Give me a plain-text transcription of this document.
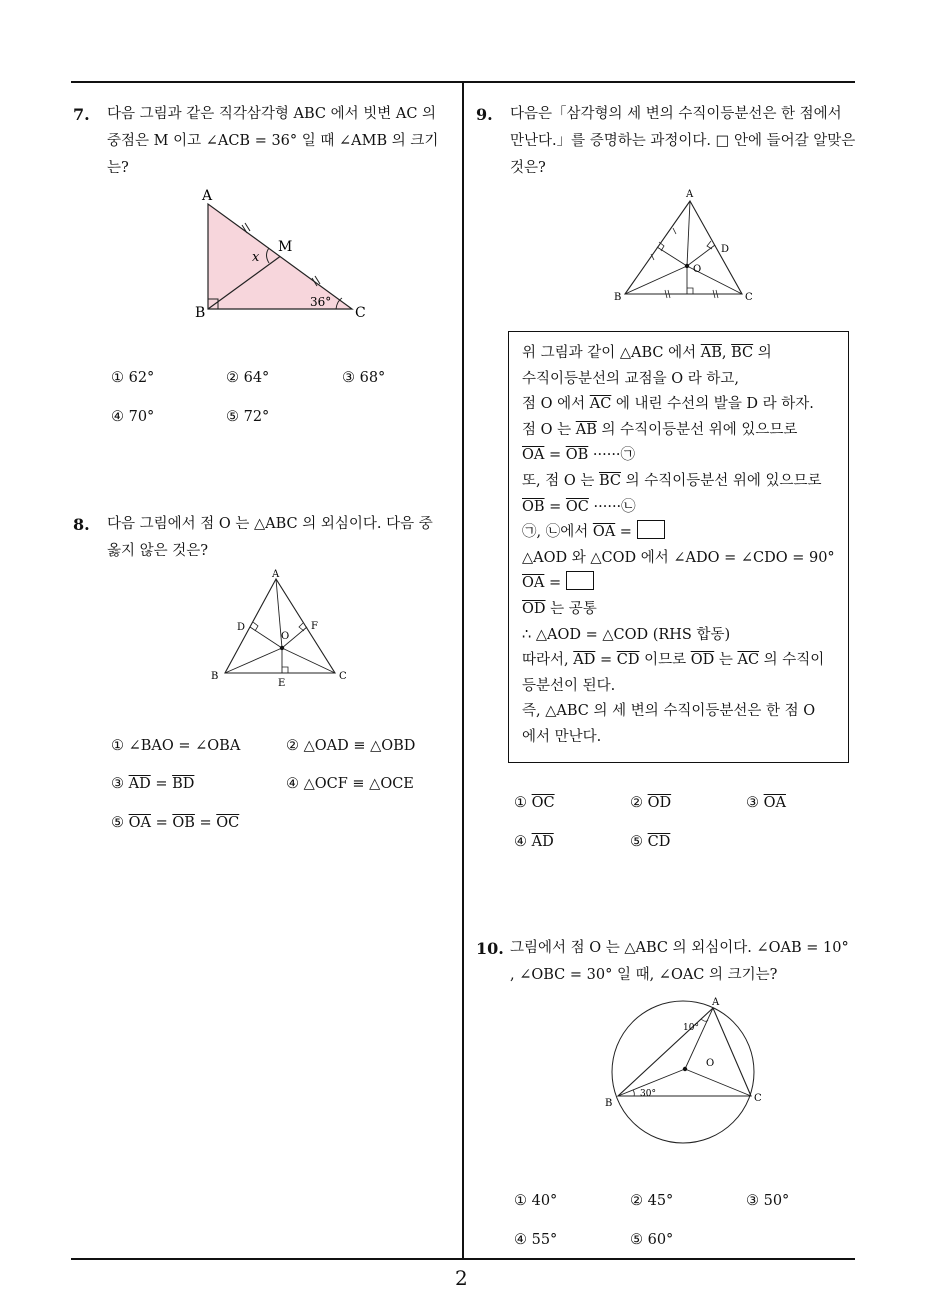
2
7. 다음 그림과 같은 직각삼각형 ABC 에서 빗변 AC 의

중점은 M 이고 ∠ACB = 36° 일 때 ∠AMB 의 크기

는?

A
B	C
M
x
36°
① 62°	② 64°	③ 68°
④ 70°	⑤ 72°
8. 다음 그림에서 점 O 는 △ABC 의 외심이다. 다음 중

옳지 않은 것은?

A
B	C
D
E
F
O
① ∠BAO = ∠OBA	② △OAD ≡ △OBD
③ $\overline{AD} = \overline{BD}$	④ △OCF ≡ △OCE
⑤ $\overline{OA} = \overline{OB} = \overline{OC}$
9. 다음은「삼각형의 세 변의 수직이등분선은 한 점에서

만난다.」를 증명하는 과정이다. □ 안에 들어갈 알맞은

것은?

A
B	C
D
O

위 그림과 같이 △ABC 에서 $\overline{AB}$, $\overline{BC}$ 의

수직이등분선의 교점을 O 라 하고,

점 O 에서 $\overline{AC}$ 에 내린 수선의 발을 D 라 하자.

점 O 는 $\overline{AB}$ 의 수직이등분선 위에 있으므로

$\overline{OA} = \overline{OB}$ ······㉠

또, 점 O 는 $\overline{BC}$ 의 수직이등분선 위에 있으므로

$\overline{OB} = \overline{OC}$ ······㉡

㉠, ㉡에서 $\overline{OA}$ =

△AOD 와 △COD 에서 ∠ADO = ∠CDO = 90°

$\overline{OA}$ =

$\overline{OD}$ 는 공통

∴ △AOD = △COD (RHS 합동)

따라서, $\overline{AD} = \overline{CD}$ 이므로 $\overline{OD}$ 는 $\overline{AC}$ 의 수직이

등분선이 된다.

즉, △ABC 의 세 변의 수직이등분선은 한 점 O

에서 만난다.

① $\overline{OC}$	② $\overline{OD}$	③ $\overline{OA}$
④ $\overline{AD}$	⑤ $\overline{CD}$
10. 그림에서 점 O 는 △ABC 의 외심이다. ∠OAB = 10°

, ∠OBC = 30° 일 때, ∠OAC 의 크기는?

A
B	C
O
10°
30°
① 40°	② 45°	③ 50°
④ 55°	⑤ 60°
